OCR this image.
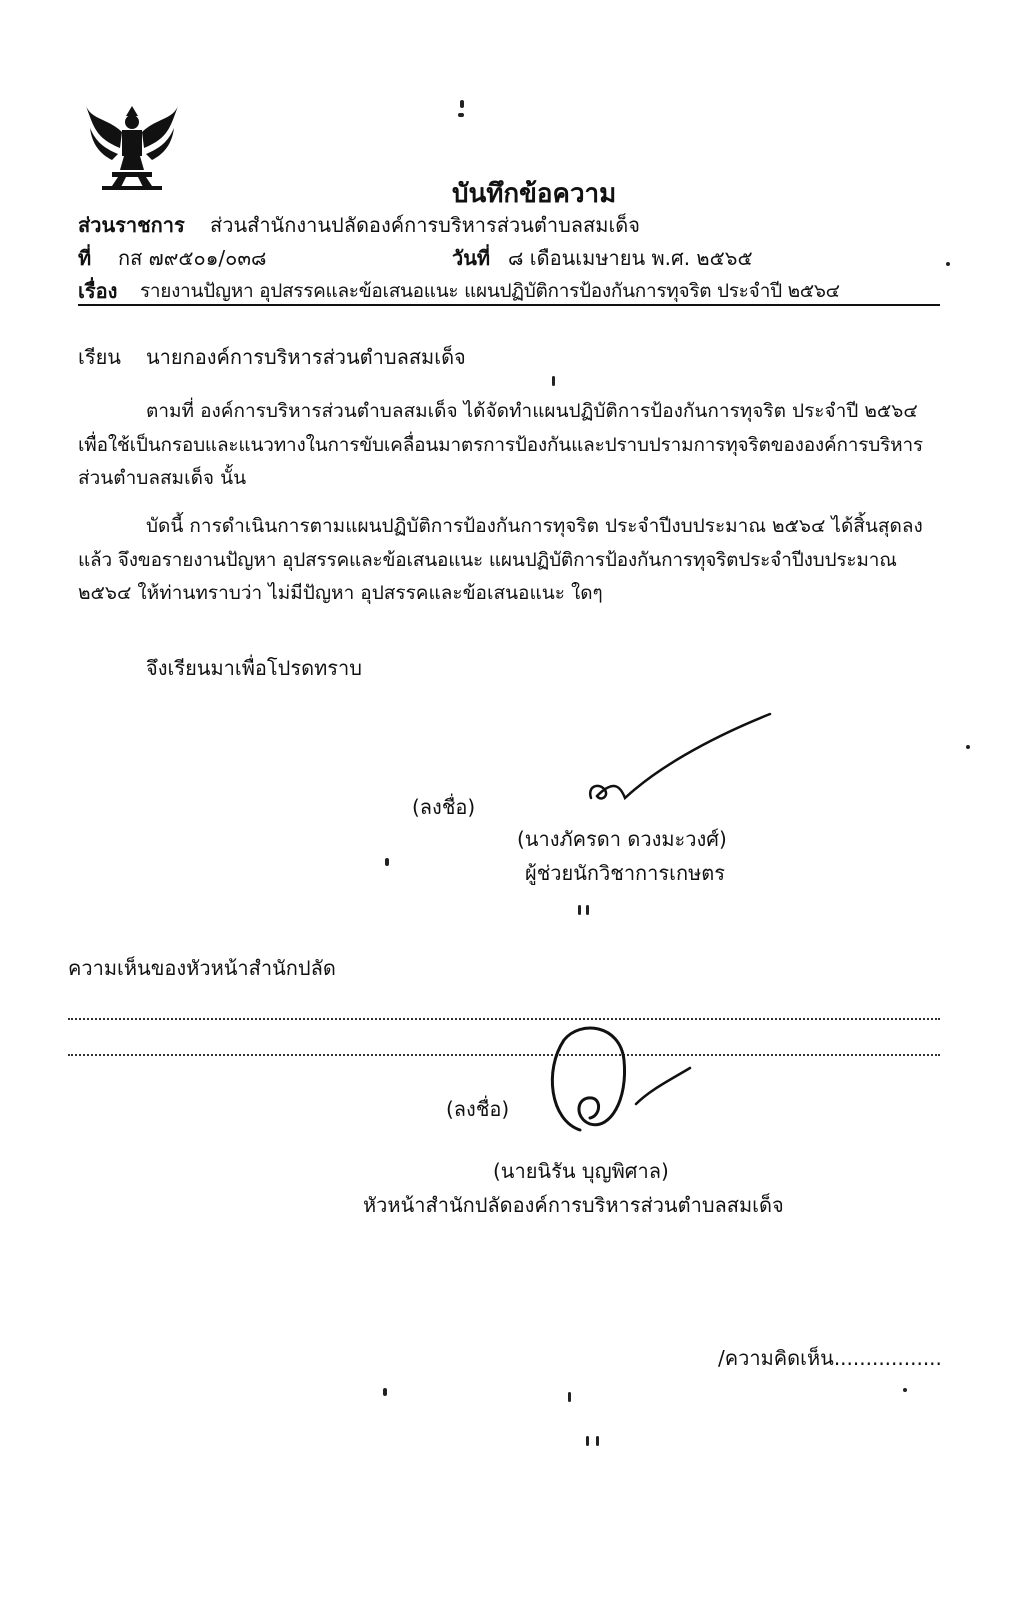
บันทึกข้อความ
ส่วนราชการ ส่วนสำนักงานปลัดองค์การบริหารส่วนตำบลสมเด็จ
ที่ กส ๗๙๕๐๑/๐๓๘	วันที่ ๘ เดือนเมษายน พ.ศ. ๒๕๖๕
เรื่อง รายงานปัญหา อุปสรรคและข้อเสนอแนะ แผนปฏิบัติการป้องกันการทุจริต ประจำปี ๒๕๖๔
เรียน นายกองค์การบริหารส่วนตำบลสมเด็จ
ตามที่ องค์การบริหารส่วนตำบลสมเด็จ ได้จัดทำแผนปฏิบัติการป้องกันการทุจริต ประจำปี ๒๕๖๔
เพื่อใช้เป็นกรอบและแนวทางในการขับเคลื่อนมาตรการป้องกันและปราบปรามการทุจริตขององค์การบริหาร
ส่วนตำบลสมเด็จ นั้น
บัดนี้ การดำเนินการตามแผนปฏิบัติการป้องกันการทุจริต ประจำปีงบประมาณ ๒๕๖๔ ได้สิ้นสุดลง
แล้ว จึงขอรายงานปัญหา อุปสรรคและข้อเสนอแนะ แผนปฏิบัติการป้องกันการทุจริตประจำปีงบประมาณ
๒๕๖๔ ให้ท่านทราบว่า ไม่มีปัญหา อุปสรรคและข้อเสนอแนะ ใดๆ
จึงเรียนมาเพื่อโปรดทราบ
(ลงชื่อ)
(นางภัครดา ดวงมะวงศ์)
ผู้ช่วยนักวิชาการเกษตร
ความเห็นของหัวหน้าสำนักปลัด
(ลงชื่อ)
(นายนิรัน บุญพิศาล)
หัวหน้าสำนักปลัดองค์การบริหารส่วนตำบลสมเด็จ
/ความคิดเห็น.................
